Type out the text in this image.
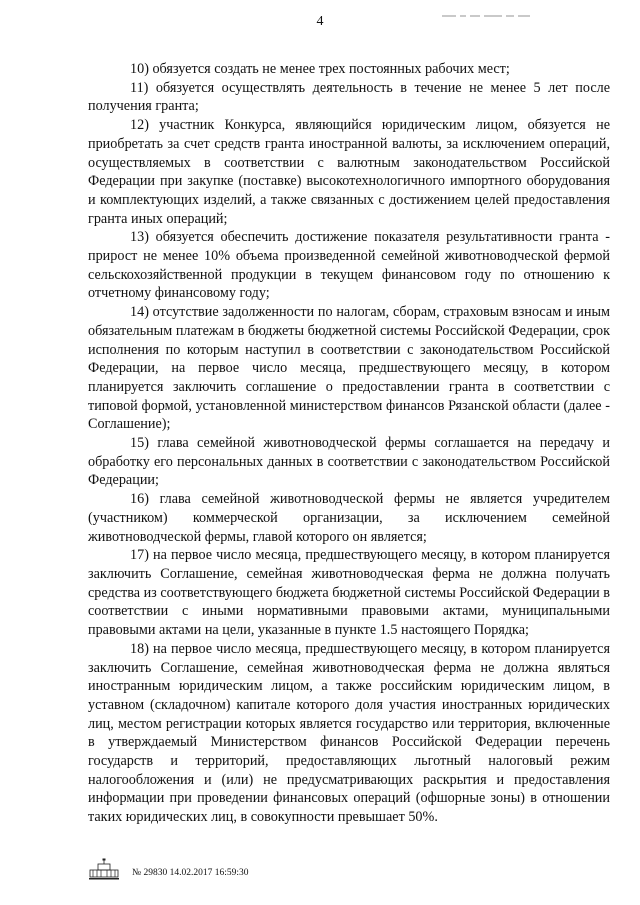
4

10) обязуется создать не менее трех постоянных рабочих мест;

11) обязуется осуществлять деятельность в течение не менее 5 лет после получения гранта;

12) участник Конкурса, являющийся юридическим лицом, обязуется не приобретать за счет средств гранта иностранной валюты, за исключением операций, осуществляемых в соответствии с валютным законодательством Российской Федерации при закупке (поставке) высокотехнологичного импортного оборудования и комплектующих изделий, а также связанных с достижением целей предоставления гранта иных операций;

13) обязуется обеспечить достижение показателя результативности гранта - прирост не менее 10% объема произведенной семейной животноводческой фермой сельскохозяйственной продукции в текущем финансовом году по отношению к отчетному финансовому году;

14) отсутствие задолженности по налогам, сборам, страховым взносам и иным обязательным платежам в бюджеты бюджетной системы Российской Федерации, срок исполнения по которым наступил в соответствии с законодательством Российской Федерации, на первое число месяца, предшествующего месяцу, в котором планируется заключить соглашение о предоставлении гранта в соответствии с типовой формой, установленной министерством финансов Рязанской области (далее - Соглашение);

15) глава семейной животноводческой фермы соглашается на передачу и обработку его персональных данных в соответствии с законодательством Российской Федерации;

16) глава семейной животноводческой фермы не является учредителем (участником) коммерческой организации, за исключением семейной животноводческой фермы, главой которого он является;

17) на первое число месяца, предшествующего месяцу, в котором планируется заключить Соглашение, семейная животноводческая ферма не должна получать средства из соответствующего бюджета бюджетной системы Российской Федерации в соответствии с иными нормативными правовыми актами, муниципальными правовыми актами на цели, указанные в пункте 1.5 настоящего Порядка;

18) на первое число месяца, предшествующего месяцу, в котором планируется заключить Соглашение, семейная животноводческая ферма не должна являться иностранным юридическим лицом, а также российским юридическим лицом, в уставном (складочном) капитале которого доля участия иностранных юридических лиц, местом регистрации которых является государство или территория, включенные в утверждаемый Министерством финансов Российской Федерации перечень государств и территорий, предоставляющих льготный налоговый режим налогообложения и (или) не предусматривающих раскрытия и предоставления информации при проведении финансовых операций (офшорные зоны) в отношении таких юридических лиц, в совокупности превышает 50%.

№ 29830 14.02.2017 16:59:30
